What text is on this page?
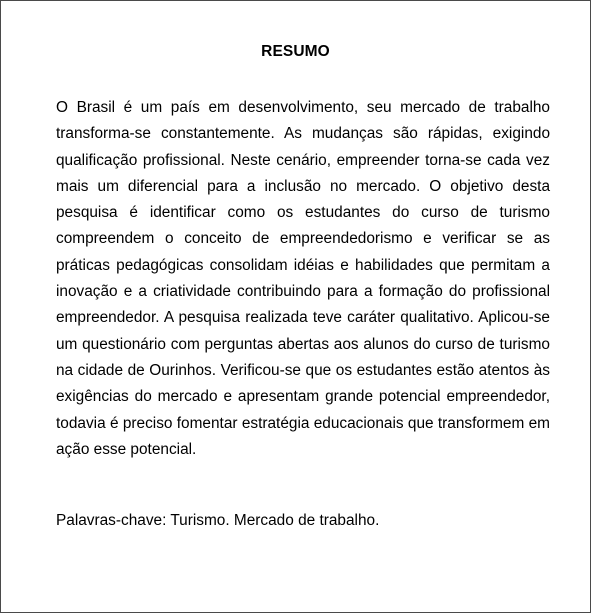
RESUMO

O Brasil é um país em desenvolvimento, seu mercado de trabalho transforma-se constantemente. As mudanças são rápidas, exigindo qualificação profissional. Neste cenário, empreender torna-se cada vez mais um diferencial para a inclusão no mercado. O objetivo desta pesquisa é identificar como os estudantes do curso de turismo compreendem o conceito de empreendedorismo e verificar se as práticas pedagógicas consolidam idéias e habilidades que permitam a inovação e a criatividade contribuindo para a formação do profissional empreendedor. A pesquisa realizada teve caráter qualitativo. Aplicou-se um questionário com perguntas abertas aos alunos do curso de turismo na cidade de Ourinhos. Verificou-se que os estudantes estão atentos às exigências do mercado e apresentam grande potencial empreendedor, todavia é preciso fomentar estratégia educacionais que transformem em ação esse potencial.

Palavras-chave: Turismo. Mercado de trabalho.
